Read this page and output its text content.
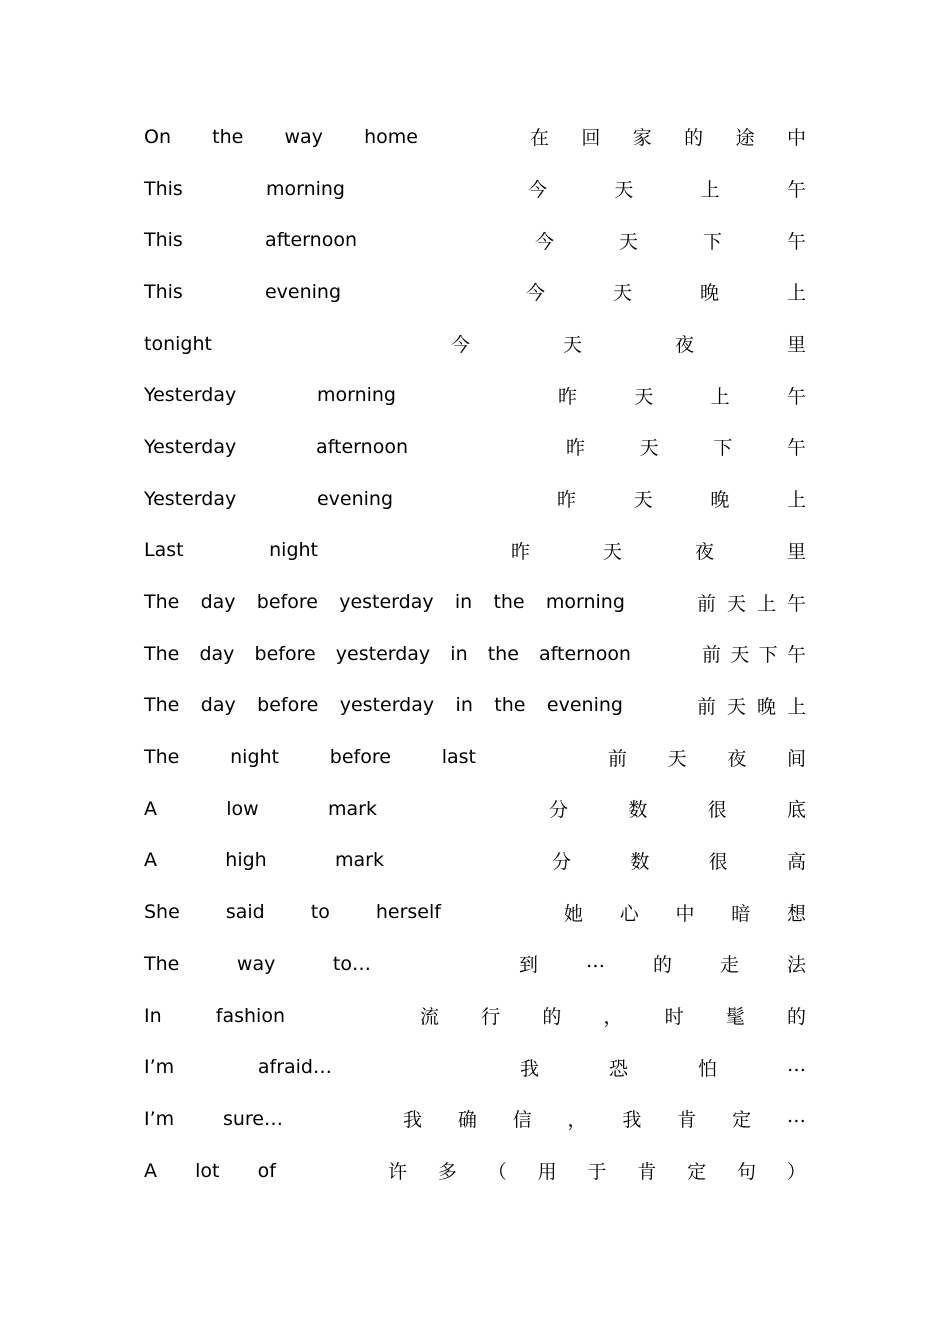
On the way home	在 回 家 的 途 中
This	morning	今	天	上	午
This	afternoon	今	天	下	午
This	evening	今	天	晚	上
tonight	今	天	夜	里
Yesterday	morning	昨	天	上	午
Yesterday	afternoon	昨	天	下	午
Yesterday	evening	昨	天	晚	上
Last	night	昨	天	夜	里
The day before yesterday in the morning	前 天 上 午
The day before yesterday in the afternoon	前 天 下 午
The day before yesterday in the evening	前 天 晚 上
The	night	before	last	前 天 夜 间
A	low	mark	分	数	很	底
A	high	mark	分	数	很	高
She said to herself	她 心 中 暗 想
The	way	to…	到	…	的	走	法
In	fashion	流 行 的 ， 时 髦 的
I’m	afraid…	我	恐	怕	…
I’m	sure…	我 确 信 ， 我 肯 定 …
A lot of	许 多 （ 用 于 肯 定 句 ）
